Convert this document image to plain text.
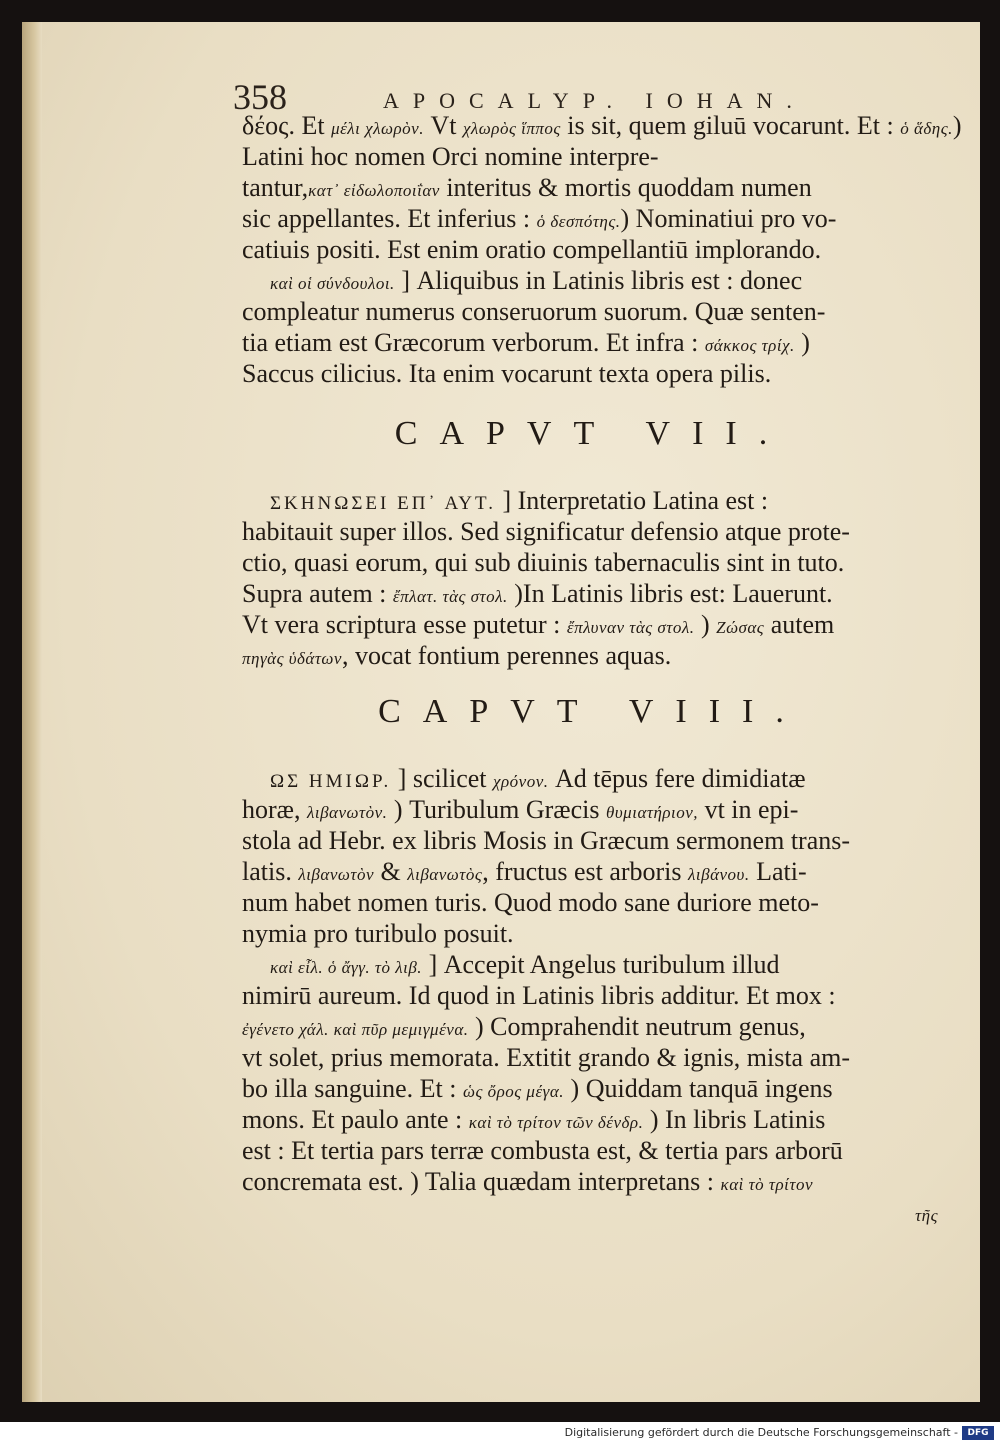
358	APOCALYP. IOHAN.
δέος. Et μέλι χλωρὸν. Vt χλωρὸς ἵππος is sit, quem giluū vocarunt. Et : ὁ ἅδης.)
Latini hoc nomen Orci nomine interpre-
tantur,κατ᾽ εἰδωλοποιΐαν interitus & mortis quoddam numen
sic appellantes. Et inferius : ὁ δεσπότης.) Nominatiui pro vo-
catiuis positi. Est enim oratio compellantiū implorando.
καὶ οἱ σύνδουλοι. ] Aliquibus in Latinis libris est : donec
compleatur numerus conseruorum suorum. Quæ senten-
tia etiam est Græcorum verborum. Et infra : σάκκος τρίχ. )
Saccus cilicius. Ita enim vocarunt texta opera pilis.
CAPVT VII.
ΣΚΗΝΩΣΕΙ ΕΠ᾽ ΑΥΤ. ] Interpretatio Latina est :
habitauit super illos. Sed significatur defensio atque prote-
ctio, quasi eorum, qui sub diuinis tabernaculis sint in tuto.
Supra autem : ἔπλατ. τὰς στολ. )In Latinis libris est: Lauerunt.
Vt vera scriptura esse putetur : ἔπλυναν τὰς στολ. ) Ζώσας autem
πηγὰς ὑδάτων, vocat fontium perennes aquas.
CAPVT VIII.
ΩΣ ΗΜΙΩΡ. ] scilicet χρόνον. Ad tēpus fere dimidiatæ
horæ, λιβανωτὸν. ) Turibulum Græcis θυμιατήριον, vt in epi-
stola ad Hebr. ex libris Mosis in Græcum sermonem trans-
latis. λιβανωτὸν & λιβανωτὸς, fructus est arboris λιβάνου. Lati-
num habet nomen turis. Quod modo sane duriore meto-
nymia pro turibulo posuit.
καὶ εἶλ. ὁ ἄγγ. τὸ λιβ. ] Accepit Angelus turibulum illud
nimirū aureum. Id quod in Latinis libris additur. Et mox :
ἐγένετο χάλ. καὶ πῦρ μεμιγμένα. ) Comprahendit neutrum genus,
vt solet, prius memorata. Extitit grando & ignis, mista am-
bo illa sanguine. Et : ὡς ὄρος μέγα. ) Quiddam tanquā ingens
mons. Et paulo ante : καὶ τὸ τρίτον τῶν δένδρ. ) In libris Latinis
est : Et tertia pars terræ combusta est, & tertia pars arborū
concremata est. ) Talia quædam interpretans : καὶ τὸ τρίτον
τῆς
Digitalisierung gefördert durch die Deutsche Forschungsgemeinschaft -	DFG
